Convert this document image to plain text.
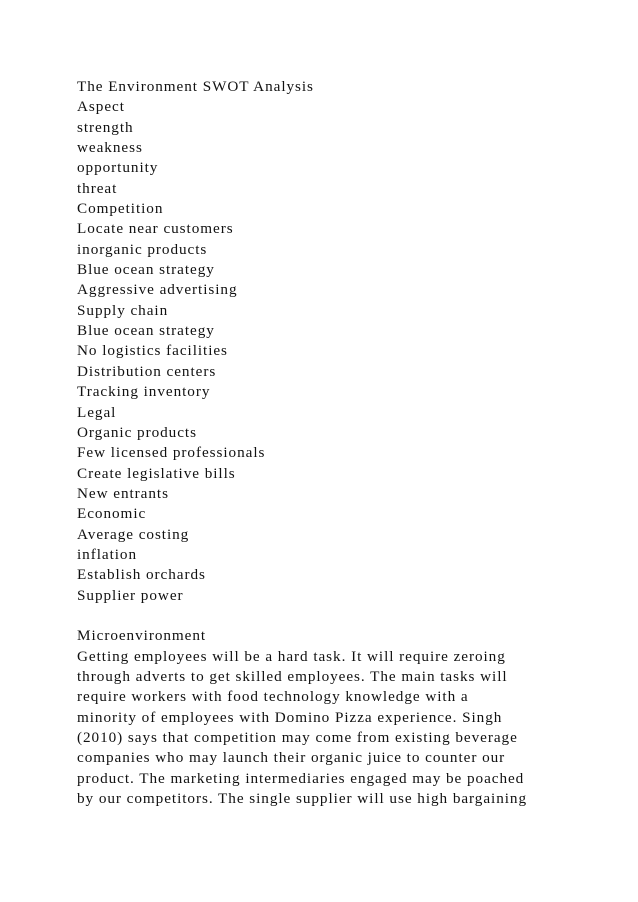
The Environment SWOT Analysis
Aspect
strength
weakness
opportunity
threat
Competition
Locate near customers
inorganic products
Blue ocean strategy
Aggressive advertising
Supply chain
Blue ocean strategy
No logistics facilities
Distribution centers
Tracking inventory
Legal
Organic products
Few licensed professionals
Create legislative bills
New entrants
Economic
Average costing
inflation
Establish orchards
Supplier power
Microenvironment
Getting employees will be a hard task. It will require zeroing
through adverts to get skilled employees. The main tasks will
require workers with food technology knowledge with a
minority of employees with Domino Pizza experience. Singh
(2010) says that competition may come from existing beverage
companies who may launch their organic juice to counter our
product. The marketing intermediaries engaged may be poached
by our competitors. The single supplier will use high bargaining
